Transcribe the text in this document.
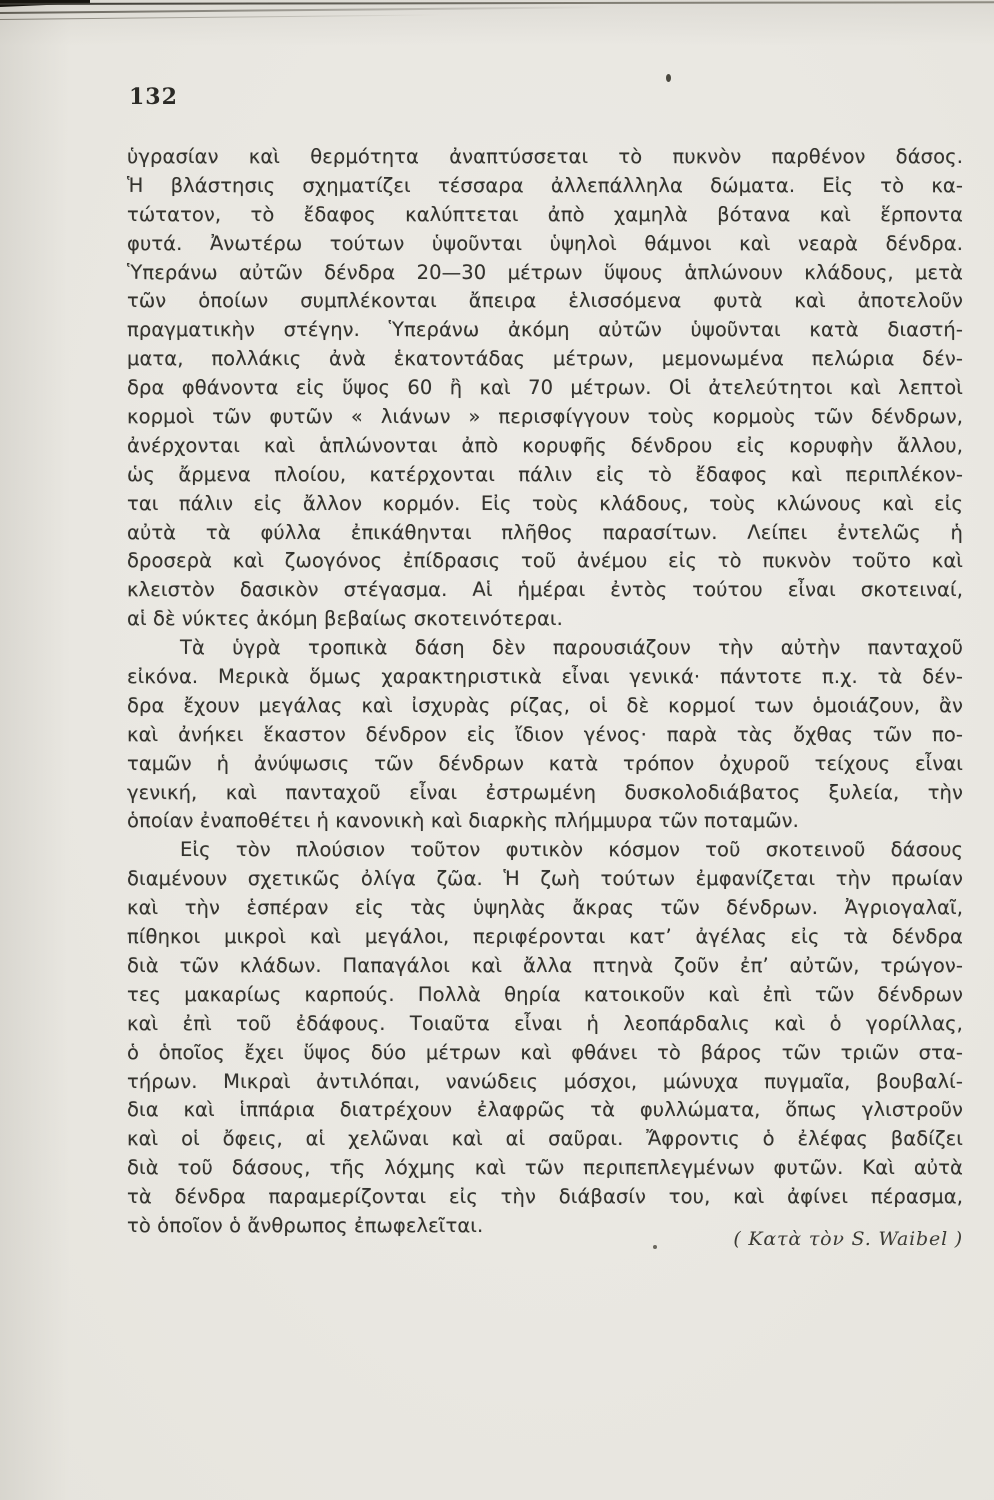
132
ὑγρασίαν καὶ θερμότητα ἀναπτύσσεται τὸ πυκνὸν παρθένον δάσος.
Ἡ βλάστησις σχηματίζει τέσσαρα ἀλλεπάλληλα δώματα. Εἰς τὸ κα-
τώτατον, τὸ ἔδαφος καλύπτεται ἀπὸ χαμηλὰ βότανα καὶ ἕρποντα
φυτά. Ἀνωτέρω τούτων ὑψοῦνται ὑψηλοὶ θάμνοι καὶ νεαρὰ δένδρα.
Ὑπεράνω αὐτῶν δένδρα 20—30 μέτρων ὕψους ἁπλώνουν κλάδους, μετὰ
τῶν ὁποίων συμπλέκονται ἄπειρα ἑλισσόμενα φυτὰ καὶ ἀποτελοῦν
πραγματικὴν στέγην. Ὑπεράνω ἀκόμη αὐτῶν ὑψοῦνται κατὰ διαστή-
ματα, πολλάκις ἀνὰ ἑκατοντάδας μέτρων, μεμονωμένα πελώρια δέν-
δρα φθάνοντα εἰς ὕψος 60 ἢ καὶ 70 μέτρων. Οἱ ἀτελεύτητοι καὶ λεπτοὶ
κορμοὶ τῶν φυτῶν « λιάνων » περισφίγγουν τοὺς κορμοὺς τῶν δένδρων,
ἀνέρχονται καὶ ἁπλώνονται ἀπὸ κορυφῆς δένδρου εἰς κορυφὴν ἄλλου,
ὡς ἄρμενα πλοίου, κατέρχονται πάλιν εἰς τὸ ἔδαφος καὶ περιπλέκον-
ται πάλιν εἰς ἄλλον κορμόν. Εἰς τοὺς κλάδους, τοὺς κλώνους καὶ εἰς
αὐτὰ τὰ φύλλα ἐπικάθηνται πλῆθος παρασίτων. Λείπει ἐντελῶς ἡ
δροσερὰ καὶ ζωογόνος ἐπίδρασις τοῦ ἀνέμου εἰς τὸ πυκνὸν τοῦτο καὶ
κλειστὸν δασικὸν στέγασμα. Αἱ ἡμέραι ἐντὸς τούτου εἶναι σκοτειναί,
αἱ δὲ νύκτες ἀκόμη βεβαίως σκοτεινότεραι.
Τὰ ὑγρὰ τροπικὰ δάση δὲν παρουσιάζουν τὴν αὐτὴν πανταχοῦ
εἰκόνα. Μερικὰ ὅμως χαρακτηριστικὰ εἶναι γενικά· πάντοτε π.χ. τὰ δέν-
δρα ἔχουν μεγάλας καὶ ἰσχυρὰς ρίζας, οἱ δὲ κορμοί των ὁμοιάζουν, ἂν
καὶ ἀνήκει ἕκαστον δένδρον εἰς ἴδιον γένος· παρὰ τὰς ὄχθας τῶν πο-
ταμῶν ἡ ἀνύψωσις τῶν δένδρων κατὰ τρόπον ὀχυροῦ τείχους εἶναι
γενική, καὶ πανταχοῦ εἶναι ἐστρωμένη δυσκολοδιάβατος ξυλεία, τὴν
ὁποίαν ἐναποθέτει ἡ κανονικὴ καὶ διαρκὴς πλήμμυρα τῶν ποταμῶν.
Εἰς τὸν πλούσιον τοῦτον φυτικὸν κόσμον τοῦ σκοτεινοῦ δάσους
διαμένουν σχετικῶς ὀλίγα ζῶα. Ἡ ζωὴ τούτων ἐμφανίζεται τὴν πρωίαν
καὶ τὴν ἑσπέραν εἰς τὰς ὑψηλὰς ἄκρας τῶν δένδρων. Ἀγριογαλαῖ,
πίθηκοι μικροὶ καὶ μεγάλοι, περιφέρονται κατ’ ἀγέλας εἰς τὰ δένδρα
διὰ τῶν κλάδων. Παπαγάλοι καὶ ἄλλα πτηνὰ ζοῦν ἐπ’ αὐτῶν, τρώγον-
τες μακαρίως καρπούς. Πολλὰ θηρία κατοικοῦν καὶ ἐπὶ τῶν δένδρων
καὶ ἐπὶ τοῦ ἐδάφους. Τοιαῦτα εἶναι ἡ λεοπάρδαλις καὶ ὁ γορίλλας,
ὁ ὁποῖος ἔχει ὕψος δύο μέτρων καὶ φθάνει τὸ βάρος τῶν τριῶν στα-
τήρων. Μικραὶ ἀντιλόπαι, νανώδεις μόσχοι, μώνυχα πυγμαῖα, βουβαλί-
δια καὶ ἱππάρια διατρέχουν ἐλαφρῶς τὰ φυλλώματα, ὅπως γλιστροῦν
καὶ οἱ ὄφεις, αἱ χελῶναι καὶ αἱ σαῦραι. Ἄφροντις ὁ ἐλέφας βαδίζει
διὰ τοῦ δάσους, τῆς λόχμης καὶ τῶν περιπεπλεγμένων φυτῶν. Καὶ αὐτὰ
τὰ δένδρα παραμερίζονται εἰς τὴν διάβασίν του, καὶ ἀφίνει πέρασμα,
τὸ ὁποῖον ὁ ἄνθρωπος ἐπωφελεῖται.
( Κατὰ τὸν S. Waibel )
